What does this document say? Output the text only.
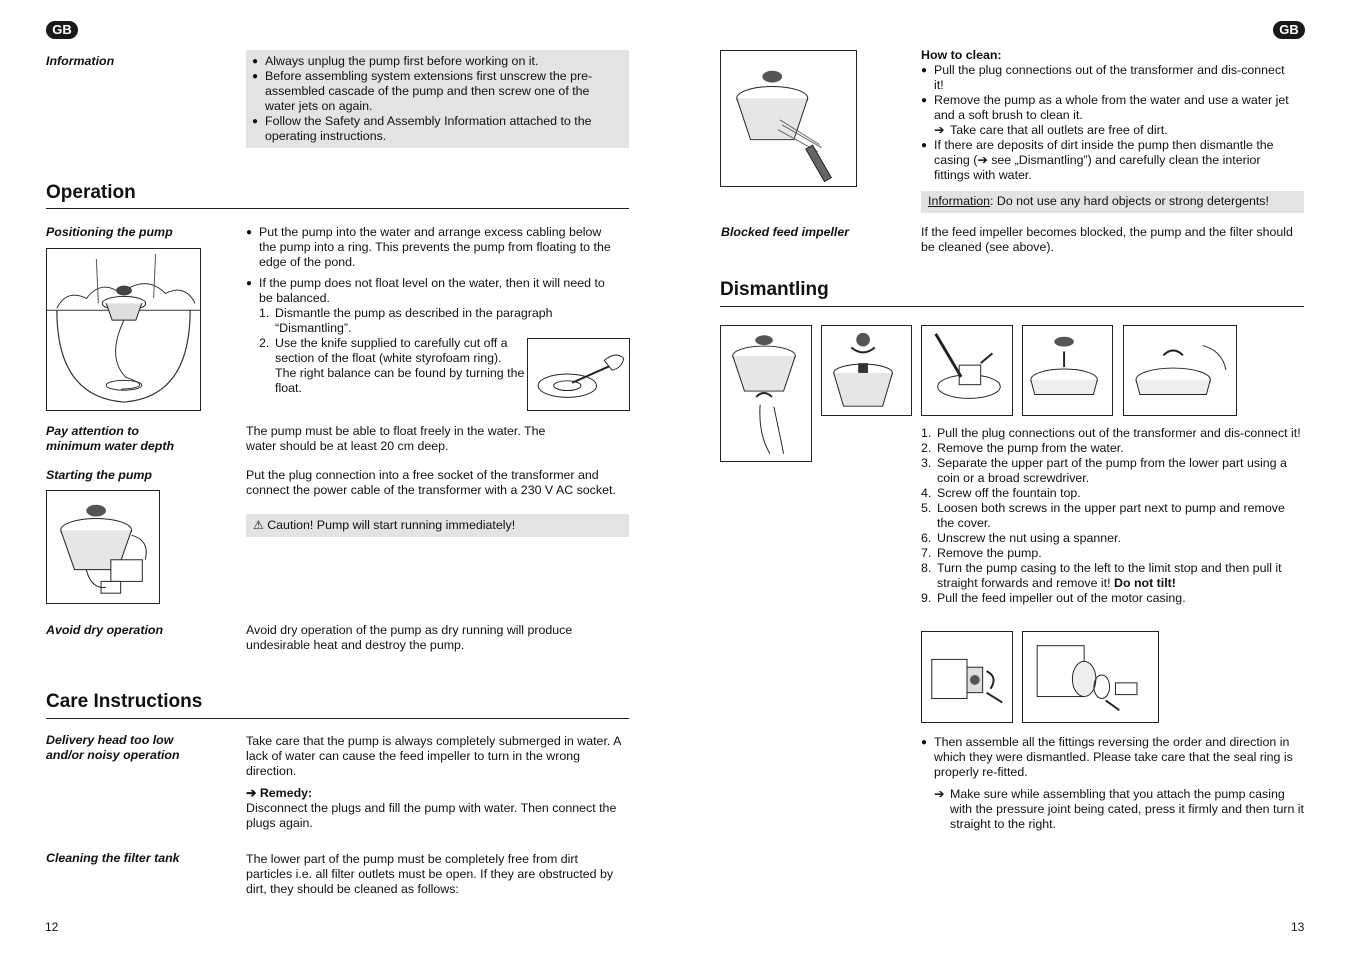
GB
Information	● Always unplug the pump first before working on it.
● Before assembling system extensions first unscrew the pre-assembled cascade of the pump and then screw one of the water jets on again.
● Follow the Safety and Assembly Information attached to the operating instructions.
Operation
Positioning the pump	● Put the pump into the water and arrange excess cabling below the pump into a ring. This prevents the pump from floating to the edge of the pond.
● If the pump does not float level on the water, then it will need to be balanced.
1. Dismantle the pump as described in the paragraph “Dismantling”.
2. Use the knife supplied to carefully cut off a section of the float (white styrofoam ring). The right balance can be found by turning the float.
Pay attention to minimum water depth
The pump must be able to float freely in the water. The water should be at least 20 cm deep.
Starting the pump	Put the plug connection into a free socket of the transformer and connect the power cable of the transformer with a 230 V AC socket.
⚠ Caution! Pump will start running immediately!
Avoid dry operation	Avoid dry operation of the pump as dry running will produce undesirable heat and destroy the pump.
Care Instructions
Delivery head too low and/or noisy operation
Take care that the pump is always completely submerged in water. A lack of water can cause the feed impeller to turn in the wrong direction.
➔ Remedy:
Disconnect the plugs and fill the pump with water. Then connect the plugs again.
Cleaning the filter tank	The lower part of the pump must be completely free from dirt particles i.e. all filter outlets must be open. If they are obstructed by dirt, they should be cleaned as follows:
12
GB
How to clean:
● Pull the plug connections out of the transformer and dis-connect it!
● Remove the pump as a whole from the water and use a water jet and a soft brush to clean it.
➔ Take care that all outlets are free of dirt.
● If there are deposits of dirt inside the pump then dismantle the casing (➔ see „Dismantling”) and carefully clean the interior fittings with water.
Information: Do not use any hard objects or strong detergents!
Blocked feed impeller	If the feed impeller becomes blocked, the pump and the filter should be cleaned (see above).
Dismantling
1. Pull the plug connections out of the transformer and dis-connect it!
2. Remove the pump from the water.
3. Separate the upper part of the pump from the lower part using a coin or a broad screwdriver.
4. Screw off the fountain top.
5. Loosen both screws in the upper part next to pump and remove the cover.
6. Unscrew the nut using a spanner.
7. Remove the pump.
8. Turn the pump casing to the left to the limit stop and then pull it straight forwards and remove it! Do not tilt!
9. Pull the feed impeller out of the motor casing.
● Then assemble all the fittings reversing the order and direction in which they were dismantled. Please take care that the seal ring is properly re-fitted.
➔ Make sure while assembling that you attach the pump casing with the pressure joint being cated, press it firmly and then turn it straight to the right.
13
